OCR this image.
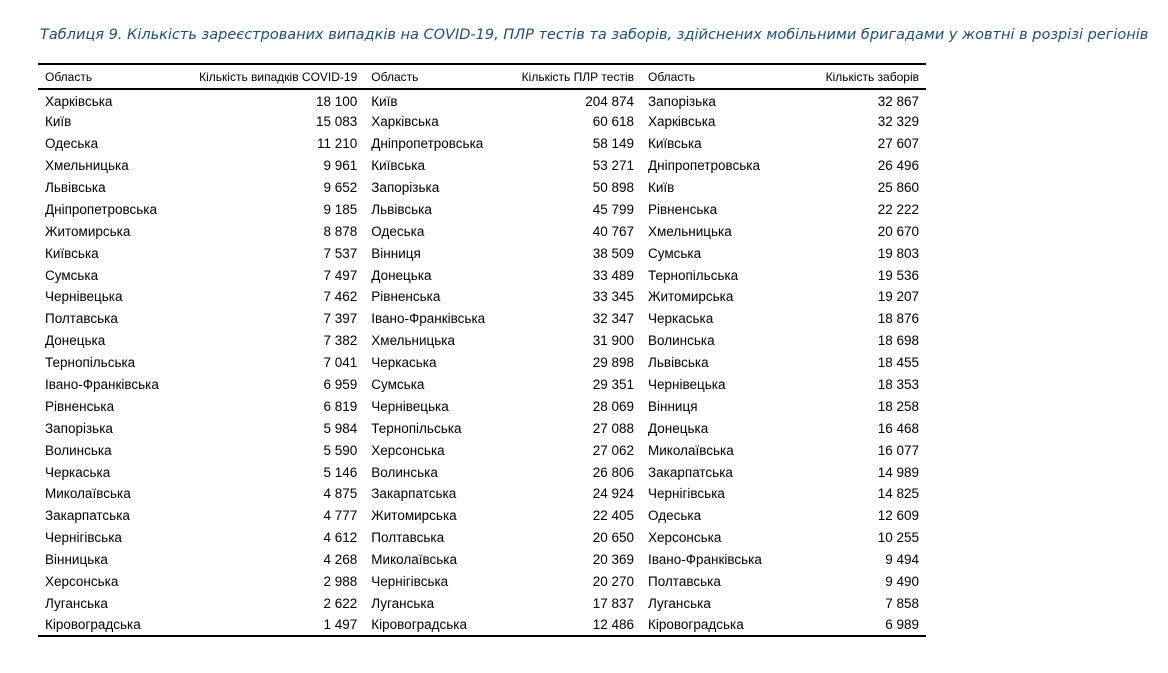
Таблиця 9. Кількість зареєстрованих випадків на COVID-19, ПЛР тестів та заборів, здійснених мобільними бригадами у жовтні в розрізі регіонів
Область	Кількість випадків COVID-19	Область	Кількість ПЛР тестів	Область	Кількість заборів
Харківська	18 100	Київ	204 874	Запорізька	32 867
Київ	15 083	Харківська	60 618	Харківська	32 329
Одеська	11 210	Дніпропетровська	58 149	Київська	27 607
Хмельницька	9 961	Київська	53 271	Дніпропетровська	26 496
Львівська	9 652	Запорізька	50 898	Київ	25 860
Дніпропетровська	9 185	Львівська	45 799	Рівненська	22 222
Житомирська	8 878	Одеська	40 767	Хмельницька	20 670
Київська	7 537	Вінниця	38 509	Сумська	19 803
Сумська	7 497	Донецька	33 489	Тернопільська	19 536
Чернівецька	7 462	Рівненська	33 345	Житомирська	19 207
Полтавська	7 397	Івано-Франківська	32 347	Черкаська	18 876
Донецька	7 382	Хмельницька	31 900	Волинська	18 698
Тернопільська	7 041	Черкаська	29 898	Львівська	18 455
Івано-Франківська	6 959	Сумська	29 351	Чернівецька	18 353
Рівненська	6 819	Чернівецька	28 069	Вінниця	18 258
Запорізька	5 984	Тернопільська	27 088	Донецька	16 468
Волинська	5 590	Херсонська	27 062	Миколаївська	16 077
Черкаська	5 146	Волинська	26 806	Закарпатська	14 989
Миколаївська	4 875	Закарпатська	24 924	Чернігівська	14 825
Закарпатська	4 777	Житомирська	22 405	Одеська	12 609
Чернігівська	4 612	Полтавська	20 650	Херсонська	10 255
Вінницька	4 268	Миколаївська	20 369	Івано-Франківська	9 494
Херсонська	2 988	Чернігівська	20 270	Полтавська	9 490
Луганська	2 622	Луганська	17 837	Луганська	7 858
Кіровоградська	1 497	Кіровоградська	12 486	Кіровоградська	6 989
